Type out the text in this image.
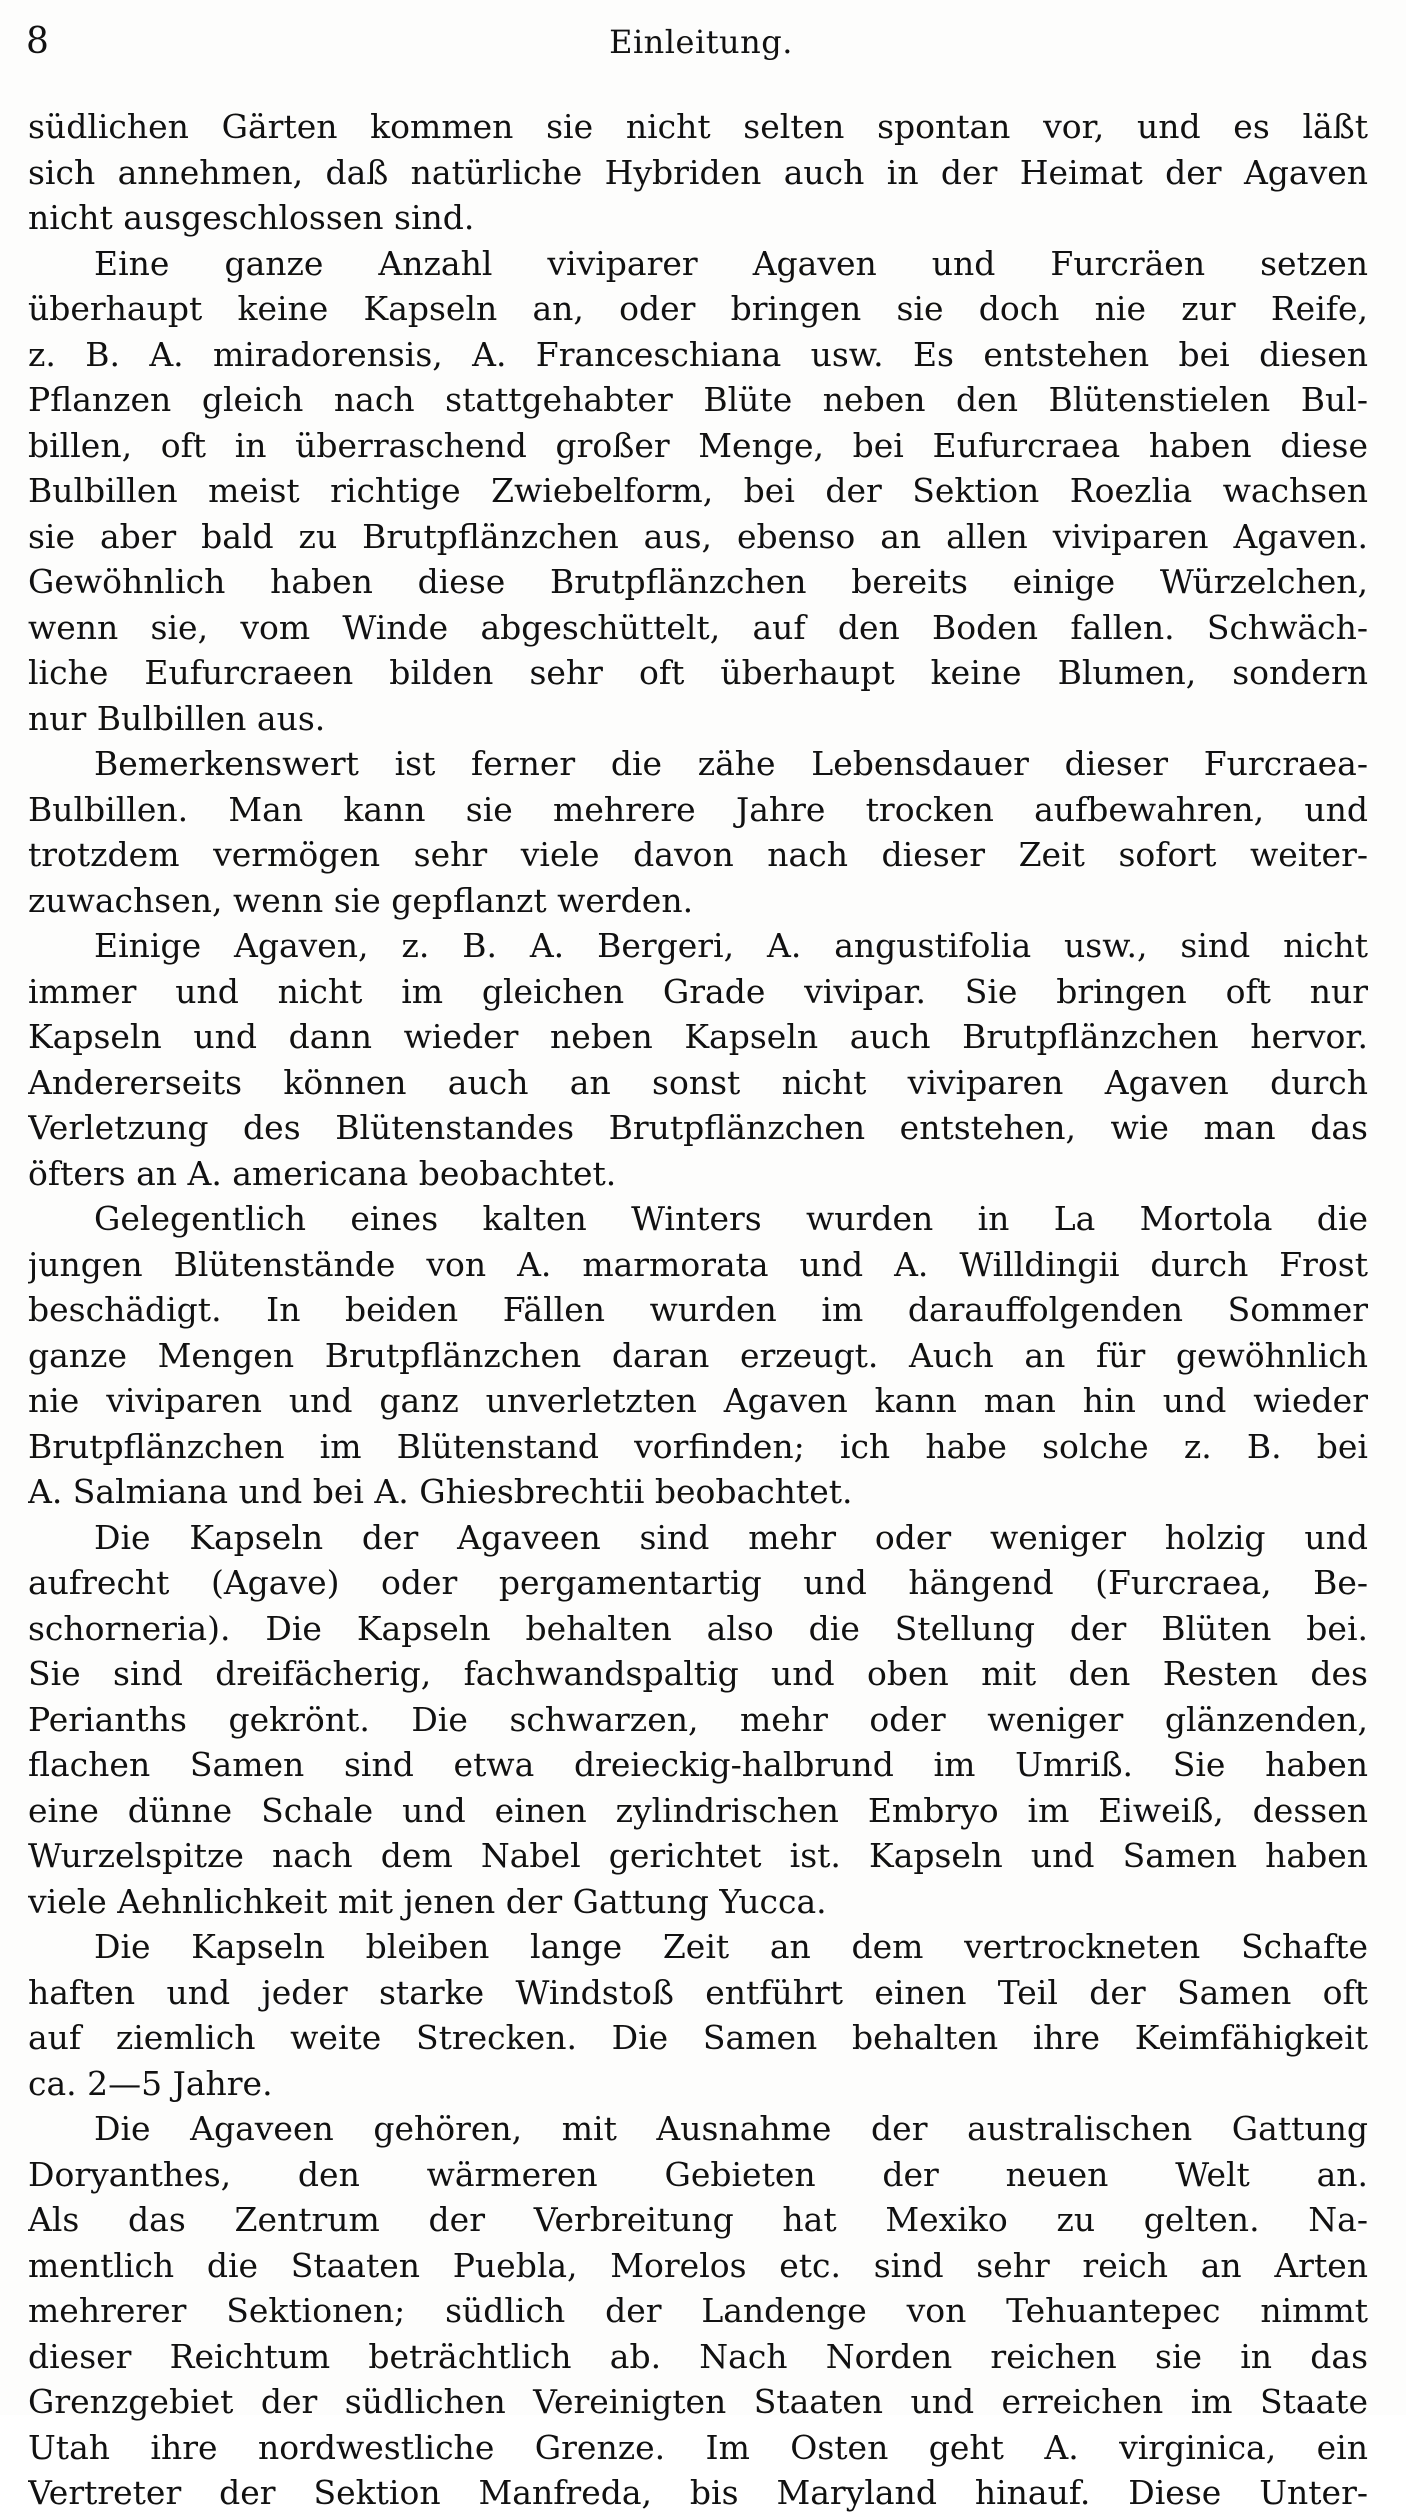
8	Einleitung.
südlichen Gärten kommen sie nicht selten spontan vor, und es läßt
sich annehmen, daß natürliche Hybriden auch in der Heimat der Agaven
nicht ausgeschlossen sind.
Eine ganze Anzahl viviparer Agaven und Furcräen setzen
überhaupt keine Kapseln an, oder bringen sie doch nie zur Reife,
z. B. A. miradorensis, A. Franceschiana usw. Es entstehen bei diesen
Pflanzen gleich nach stattgehabter Blüte neben den Blütenstielen Bul-
billen, oft in überraschend großer Menge, bei Eufurcraea haben diese
Bulbillen meist richtige Zwiebelform, bei der Sektion Roezlia wachsen
sie aber bald zu Brutpflänzchen aus, ebenso an allen viviparen Agaven.
Gewöhnlich haben diese Brutpflänzchen bereits einige Würzelchen,
wenn sie, vom Winde abgeschüttelt, auf den Boden fallen. Schwäch-
liche Eufurcraeen bilden sehr oft überhaupt keine Blumen, sondern
nur Bulbillen aus.
Bemerkenswert ist ferner die zähe Lebensdauer dieser Furcraea-
Bulbillen. Man kann sie mehrere Jahre trocken aufbewahren, und
trotzdem vermögen sehr viele davon nach dieser Zeit sofort weiter-
zuwachsen, wenn sie gepflanzt werden.
Einige Agaven, z. B. A. Bergeri, A. angustifolia usw., sind nicht
immer und nicht im gleichen Grade vivipar. Sie bringen oft nur
Kapseln und dann wieder neben Kapseln auch Brutpflänzchen hervor.
Andererseits können auch an sonst nicht viviparen Agaven durch
Verletzung des Blütenstandes Brutpflänzchen entstehen, wie man das
öfters an A. americana beobachtet.
Gelegentlich eines kalten Winters wurden in La Mortola die
jungen Blütenstände von A. marmorata und A. Willdingii durch Frost
beschädigt. In beiden Fällen wurden im darauffolgenden Sommer
ganze Mengen Brutpflänzchen daran erzeugt. Auch an für gewöhnlich
nie viviparen und ganz unverletzten Agaven kann man hin und wieder
Brutpflänzchen im Blütenstand vorfinden; ich habe solche z. B. bei
A. Salmiana und bei A. Ghiesbrechtii beobachtet.
Die Kapseln der Agaveen sind mehr oder weniger holzig und
aufrecht (Agave) oder pergamentartig und hängend (Furcraea, Be-
schorneria). Die Kapseln behalten also die Stellung der Blüten bei.
Sie sind dreifächerig, fachwandspaltig und oben mit den Resten des
Perianths gekrönt. Die schwarzen, mehr oder weniger glänzenden,
flachen Samen sind etwa dreieckig-halbrund im Umriß. Sie haben
eine dünne Schale und einen zylindrischen Embryo im Eiweiß, dessen
Wurzelspitze nach dem Nabel gerichtet ist. Kapseln und Samen haben
viele Aehnlichkeit mit jenen der Gattung Yucca.
Die Kapseln bleiben lange Zeit an dem vertrockneten Schafte
haften und jeder starke Windstoß entführt einen Teil der Samen oft
auf ziemlich weite Strecken. Die Samen behalten ihre Keimfähigkeit
ca. 2—5 Jahre.
Die Agaveen gehören, mit Ausnahme der australischen Gattung
Doryanthes, den wärmeren Gebieten der neuen Welt an.
Als das Zentrum der Verbreitung hat Mexiko zu gelten. Na-
mentlich die Staaten Puebla, Morelos etc. sind sehr reich an Arten
mehrerer Sektionen; südlich der Landenge von Tehuantepec nimmt
dieser Reichtum beträchtlich ab. Nach Norden reichen sie in das
Grenzgebiet der südlichen Vereinigten Staaten und erreichen im Staate
Utah ihre nordwestliche Grenze. Im Osten geht A. virginica, ein
Vertreter der Sektion Manfreda, bis Maryland hinauf. Diese Unter-
